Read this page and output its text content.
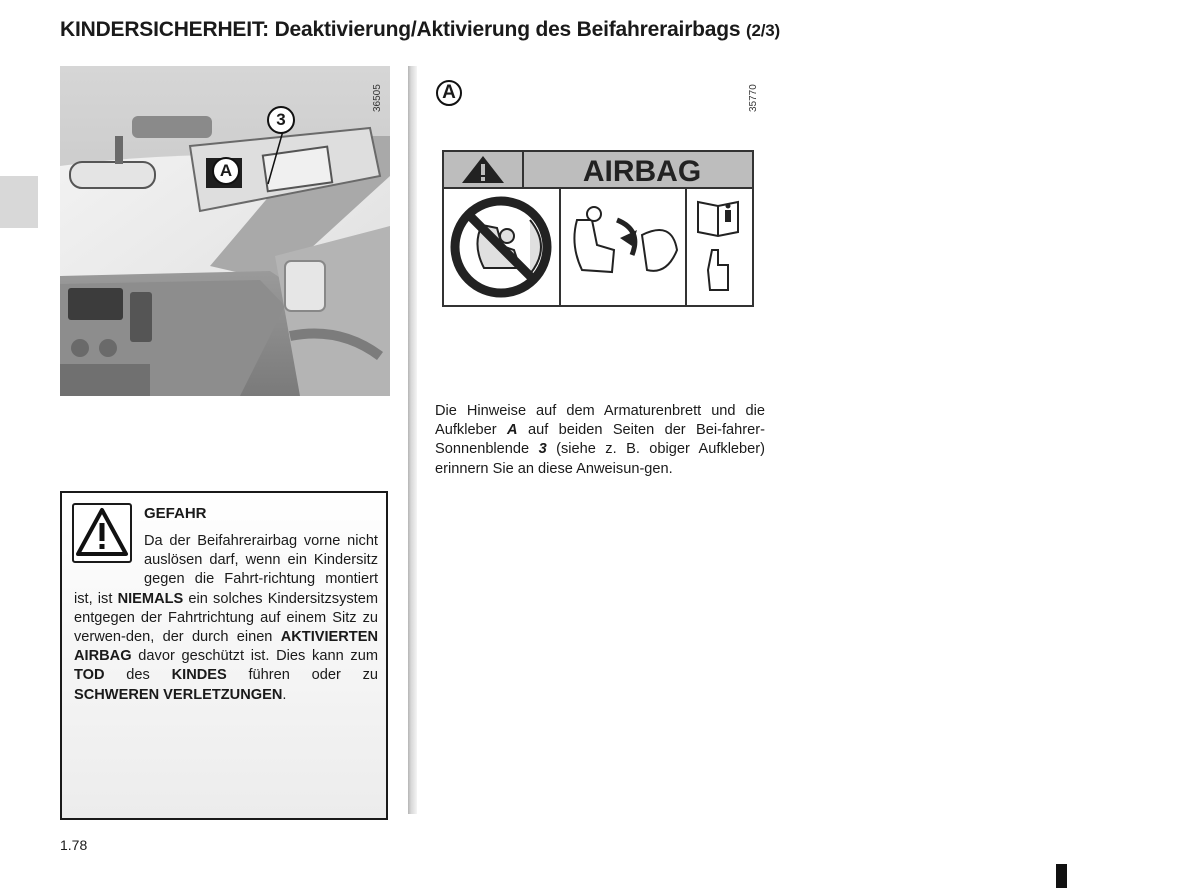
KINDERSICHERHEIT: Deaktivierung/Aktivierung des Beifahrerairbags (2/3)
3
A
36505	A	35770
AIRBAG
Die Hinweise auf dem Armaturenbrett und die Aufkleber A auf beiden Seiten der Bei-fahrer-Sonnenblende 3 (siehe z. B. obiger Aufkleber) erinnern Sie an diese Anweisun-gen.
GEFAHR
Da der Beifahrerairbag vorne nicht auslösen darf, wenn ein Kindersitz gegen die Fahrt-richtung montiert ist, ist NIEMALS ein solches Kindersitzsystem entgegen der Fahrtrichtung auf einem Sitz zu verwen-den, der durch einen AKTIVIERTEN AIRBAG davor geschützt ist. Dies kann zum TOD des KINDES führen oder zu SCHWEREN VERLETZUNGEN.
1.78
